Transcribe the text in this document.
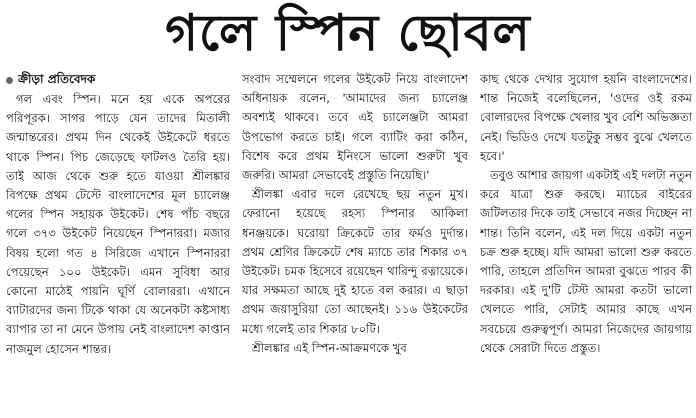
গলে স্পিন ছোবল
ক্রীড়া প্রতিবেদক

গল এবং স্পিন। মনে হয় একে অপরের পরিপূরক। সাগর পাড়ে যেন তাদের মিতালী জন্মান্তরের। প্রথম দিন থেকেই উইকেটে ধরতে থাকে স্পিন। পিচ জেড়েছে ফাটলও তৈরি হয়। তাই আজ থেকে শুরু হতে যাওয়া শ্রীলঙ্কার বিপক্ষে প্রথম টেস্টে বাংলাদেশের মূল চ্যালেঞ্জ গলের স্পিন সহায়ক উইকেট। শেষ পাঁচ বছরে গলে ৩৭৩ উইকেট নিয়েছেন স্পিনাররা। মজার বিষয় হলো গত ৪ সিরিজে এখানে স্পিনাররা পেয়েছেন ১০০ উইকেট। এমন সুবিধা আর কোনো মাঠেই পায়নি ঘূর্ণি বোলাররা। এখানে ব্যাটারদের জন্য টিকে থাকা যে অনেকটা কষ্টসাধ্য ব্যাপার তা না মেনে উপায় নেই বাংলাদেশ কাপ্তান নাজমুল হোসেন শান্তর।

সংবাদ সম্মেলনে গলের উইকেট নিয়ে বাংলাদেশ অধিনায়ক বলেন, 'আমাদের জন্য চ্যালেঞ্জ অবশ্যই থাকবে। তবে এই চ্যালেঞ্জটা আমরা উপভোগ করতে চাই। গলে ব্যাটিং করা কঠিন, বিশেষ করে প্রথম ইনিংসে ভালো শুরুটা খুব জরুরি। আমরা সেভাবেই প্রস্তুতি নিয়েছি।'

শ্রীলঙ্কা এবার দলে রেখেছে ছয় নতুন মুখ। ফেরানো হয়েছে রহস্য স্পিনার আকিলা ধনঞ্জয়কে। ঘরোয়া ক্রিকেটে তার ফর্মও দুর্দান্ত। প্রথম শ্রেণির ক্রিকেটে শেষ ম্যাচে তার শিকার ৩৭ উইকেট। চমক হিসেবে রয়েছেন থারিন্দু রত্নায়েকে। যার সক্ষমতা আছে দুই হাতে বল করার। এ ছাড়া প্রথম জয়াসুরিয়া তো আছেনই। ১১৬ উইকেটের মধ্যে গলেই তার শিকার ৮০টি।

শ্রীলঙ্কার এই স্পিন-আক্রমণকে খুব

কাছ থেকে দেখার সুযোগ হয়নি বাংলাদেশের। শান্ত নিজেই বলেছিলেন, 'ওদের ওই রকম বোলারদের বিপক্ষে খেলার খুব বেশি অভিজ্ঞতা নেই। ভিডিও দেখে যতটুকু সম্ভব বুঝে খেলতে হবে।'

তবুও আশার জায়গা একটাই এই দলটা নতুন করে যাত্রা শুরু করছে। ম্যাচের বাইরের জটিলতার দিকে তাই সেভাবে নজর দিচ্ছেন না শান্ত। তিনি বলেন, এই দল দিয়ে একটা নতুন চক্র শুরু হচ্ছে। যদি আমরা ভালো শুরু করতে পারি, তাহলে প্রতিদিন আমরা বুঝতে পারব কী দরকার। এই দু'টি টেস্ট আমরা কতটা ভালো খেলতে পারি, সেটাই আমার কাছে এখন সবচেয়ে গুরুত্বপূর্ণ। আমরা নিজেদের জায়গায় থেকে সেরাটা দিতে প্রস্তুত।
